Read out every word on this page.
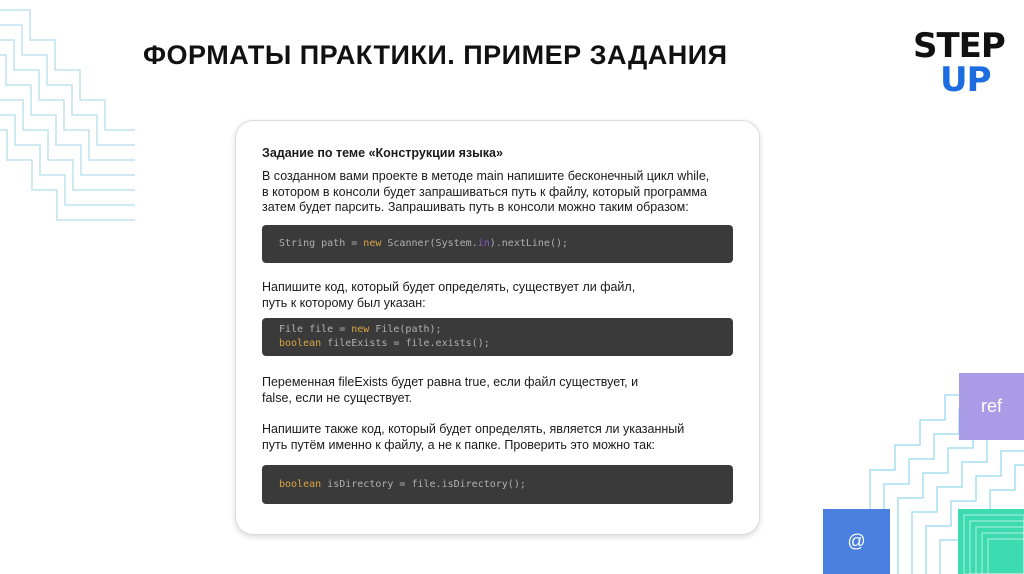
ФОРМАТЫ ПРАКТИКИ. ПРИМЕР ЗАДАНИЯ	STEP
UP
Задание по теме «Конструкции языка»
В созданном вами проекте в методе main напишите бесконечный цикл while,
в котором в консоли будет запрашиваться путь к файлу, который программа
затем будет парсить. Запрашивать путь в консоли можно таким образом:
String path = new Scanner(System.in).nextLine();
Напишите код, который будет определять, существует ли файл,
путь к которому был указан:
File file = new File(path);
boolean fileExists = file.exists();
Переменная fileExists будет равна true, если файл существует, и
false, если не существует.
Напишите также код, который будет определять, является ли указанный
путь путём именно к файлу, а не к папке. Проверить это можно так:
boolean isDirectory = file.isDirectory();
ref
@
